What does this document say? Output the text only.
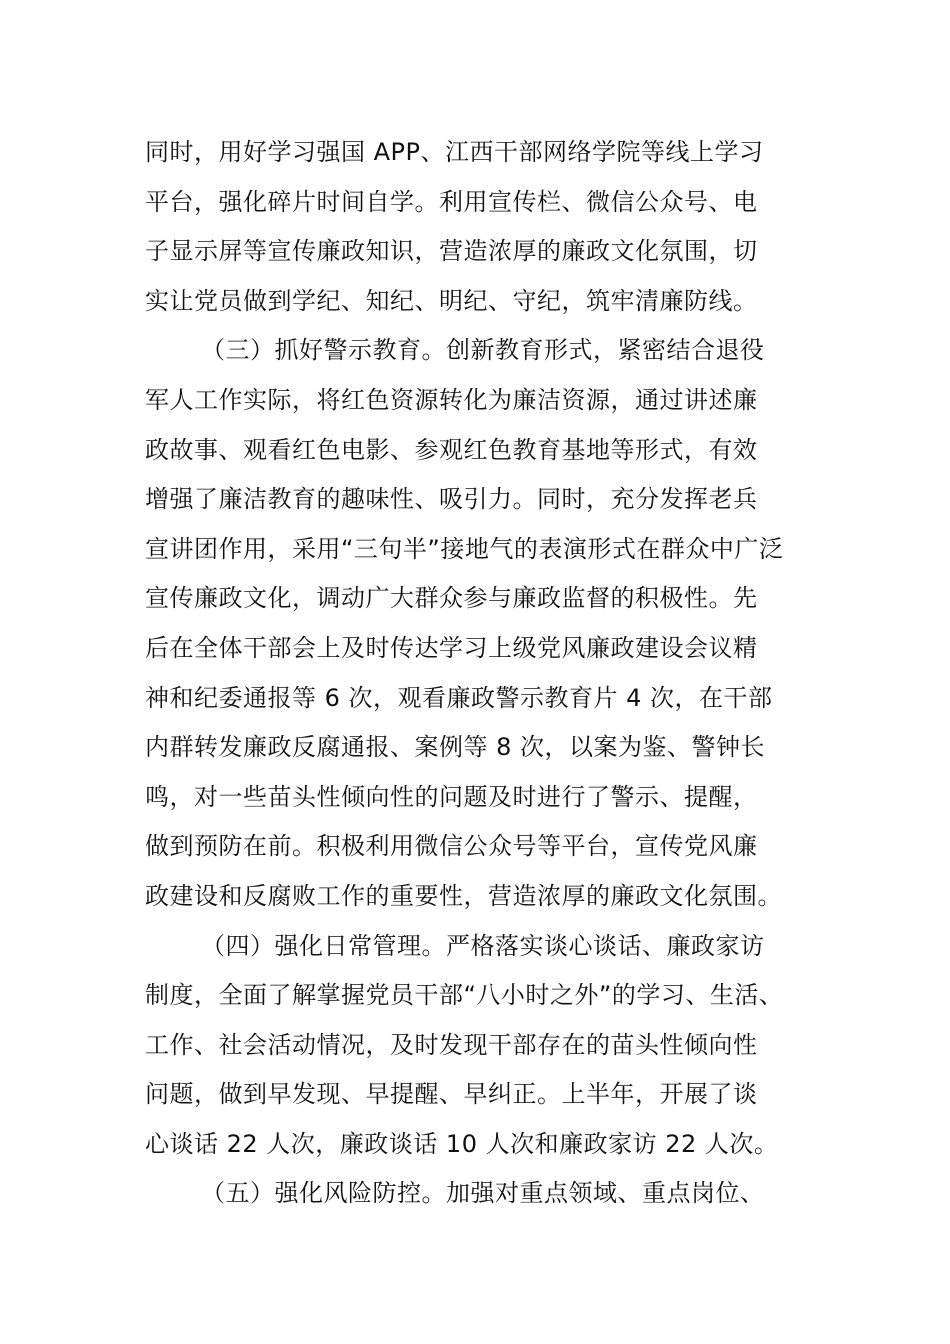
同时，用好学习强国 APP、江西干部网络学院等线上学习
平台，强化碎片时间自学。利用宣传栏、微信公众号、电
子显示屏等宣传廉政知识，营造浓厚的廉政文化氛围，切
实让党员做到学纪、知纪、明纪、守纪，筑牢清廉防线。
（三）抓好警示教育。创新教育形式，紧密结合退役
军人工作实际，将红色资源转化为廉洁资源，通过讲述廉
政故事、观看红色电影、参观红色教育基地等形式，有效
增强了廉洁教育的趣味性、吸引力。同时，充分发挥老兵
宣讲团作用，采用“三句半”接地气的表演形式在群众中广泛
宣传廉政文化，调动广大群众参与廉政监督的积极性。先
后在全体干部会上及时传达学习上级党风廉政建设会议精
神和纪委通报等 6 次，观看廉政警示教育片 4 次，在干部
内群转发廉政反腐通报、案例等 8 次，以案为鉴、警钟长
鸣，对一些苗头性倾向性的问题及时进行了警示、提醒，
做到预防在前。积极利用微信公众号等平台，宣传党风廉
政建设和反腐败工作的重要性，营造浓厚的廉政文化氛围。
（四）强化日常管理。严格落实谈心谈话、廉政家访
制度，全面了解掌握党员干部“八小时之外”的学习、生活、
工作、社会活动情况，及时发现干部存在的苗头性倾向性
问题，做到早发现、早提醒、早纠正。上半年，开展了谈
心谈话 22 人次，廉政谈话 10 人次和廉政家访 22 人次。
（五）强化风险防控。加强对重点领域、重点岗位、
